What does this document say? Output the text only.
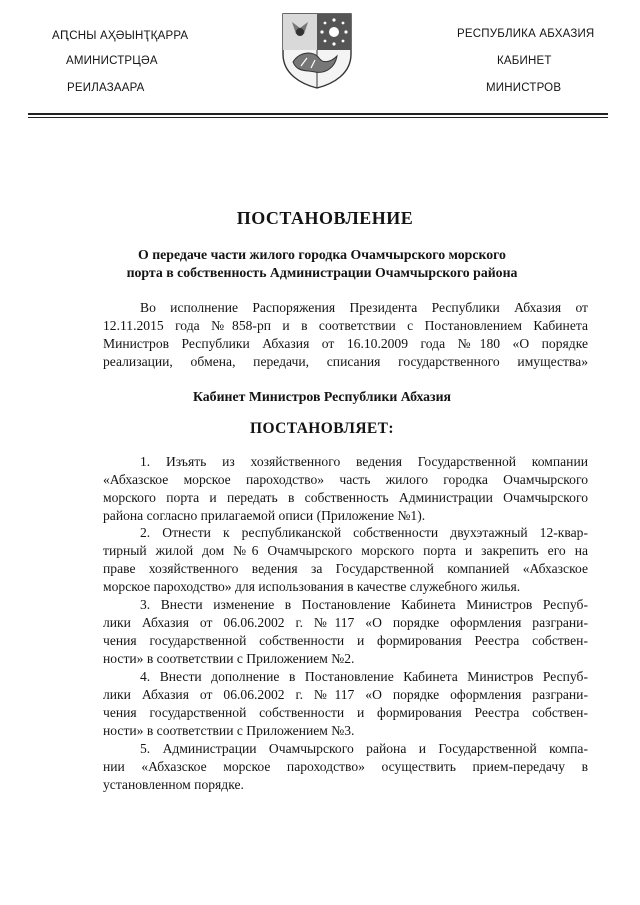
АԤСНЫ АҲӘЫНҬҚАРРА
АМИНИСТРЦӘА
РЕИЛАЗААРА
РЕСПУБЛИКА АБХАЗИЯ
КАБИНЕТ
МИНИСТРОВ
ПОСТАНОВЛЕНИЕ
О передаче части жилого городка Очамчырского морского
порта в собственность Администрации Очамчырского района
Во исполнение Распоряжения Президента Республики Абхазия от
12.11.2015 года №858-рп и в соответствии с Постановлением Кабинета
Министров Республики Абхазия от 16.10.2009 года №180 «О порядке
реализации, обмена, передачи, списания государственного имущества»
Кабинет Министров Республики Абхазия
ПОСТАНОВЛЯЕТ:
1. Изъять из хозяйственного ведения Государственной компании
«Абхазское морское пароходство» часть жилого городка Очамчырского
морского порта и передать в собственность Администрации Очамчырского
района согласно прилагаемой описи (Приложение №1).
2. Отнести к республиканской собственности двухэтажный 12-квар-
тирный жилой дом №6 Очамчырского морского порта и закрепить его на
праве хозяйственного ведения за Государственной компанией «Абхазское
морское пароходство» для использования в качестве служебного жилья.
3. Внести изменение в Постановление Кабинета Министров Респуб-
лики Абхазия от 06.06.2002 г. №117 «О порядке оформления разграни-
чения государственной собственности и формирования Реестра собствен-
ности» в соответствии с Приложением №2.
4. Внести дополнение в Постановление Кабинета Министров Респуб-
лики Абхазия от 06.06.2002 г. №117 «О порядке оформления разграни-
чения государственной собственности и формирования Реестра собствен-
ности» в соответствии с Приложением №3.
5. Администрации Очамчырского района и Государственной компа-
нии «Абхазское морское пароходство» осуществить прием-передачу в
установленном порядке.
